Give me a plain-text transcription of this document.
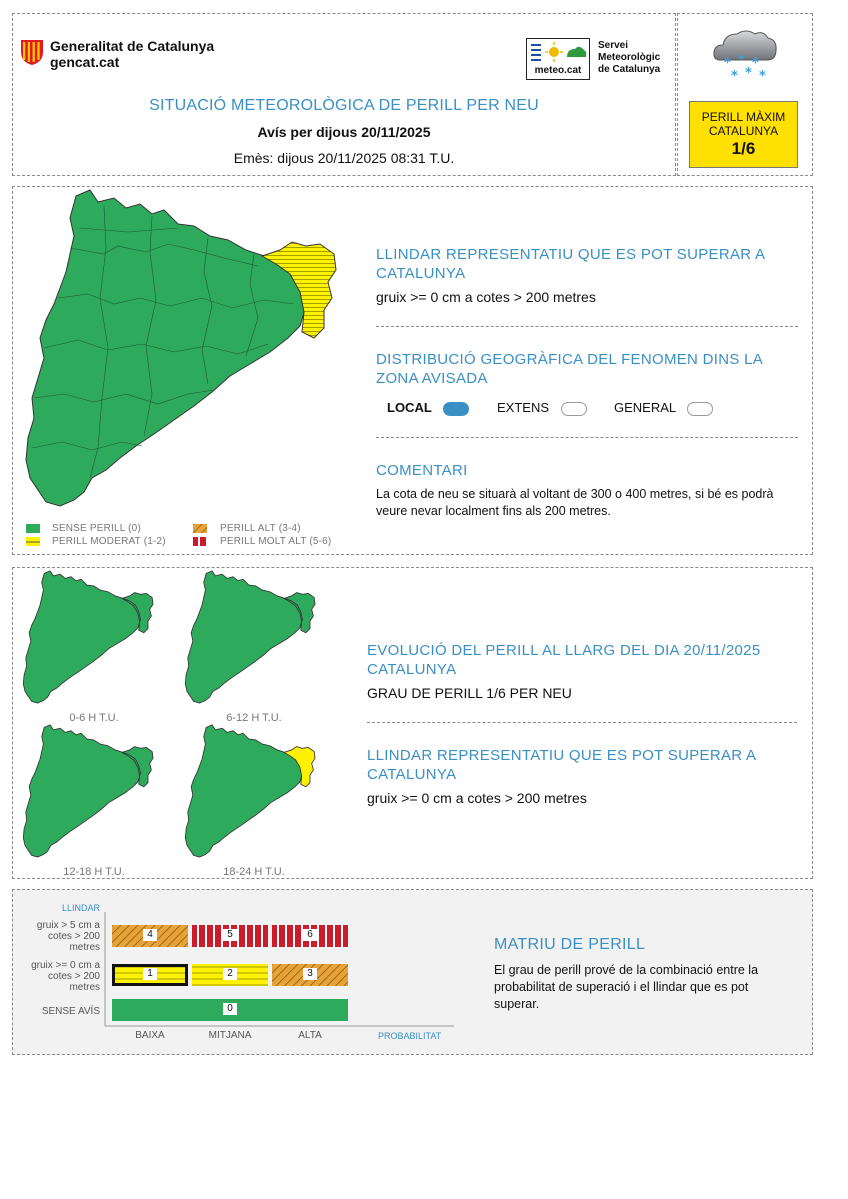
Generalitat de Catalunya
gencat.cat
meteo.cat
Servei
Meteorològic
de Catalunya
SITUACIÓ METEOROLÒGICA DE PERILL PER NEU
Avís per dijous 20/11/2025
Emès: dijous 20/11/2025 08:31 T.U.
* * *
* * *
PERILL MÀXIM
CATALUNYA
1/6
SENSE PERILL (0)
PERILL MODERAT (1-2)
PERILL ALT (3-4)
PERILL MOLT ALT (5-6)
LLINDAR REPRESENTATIU QUE ES POT SUPERAR A CATALUNYA
gruix >= 0 cm a cotes > 200 metres
DISTRIBUCIÓ GEOGRÀFICA DEL FENOMEN DINS LA ZONA AVISADA
LOCAL	EXTENS	GENERAL
COMENTARI
La cota de neu se situarà al voltant de 300 o 400 metres, si bé es podrà veure nevar localment fins als 200 metres.
0-6 H T.U.	6-12 H T.U.
12-18 H T.U.	18-24 H T.U.
EVOLUCIÓ DEL PERILL AL LLARG DEL DIA 20/11/2025 CATALUNYA
GRAU DE PERILL 1/6 PER NEU
LLINDAR REPRESENTATIU QUE ES POT SUPERAR A CATALUNYA
gruix >= 0 cm a cotes > 200 metres
LLINDAR
gruix > 5 cm a cotes > 200 metres
gruix >= 0 cm a cotes > 200 metres
SENSE AVÍS
4	5	6
1	2	3
0
BAIXA	MITJANA	ALTA	PROBABILITAT
MATRIU DE PERILL
El grau de perill prové de la combinació entre la probabilitat de superació i el llindar que es pot superar.
